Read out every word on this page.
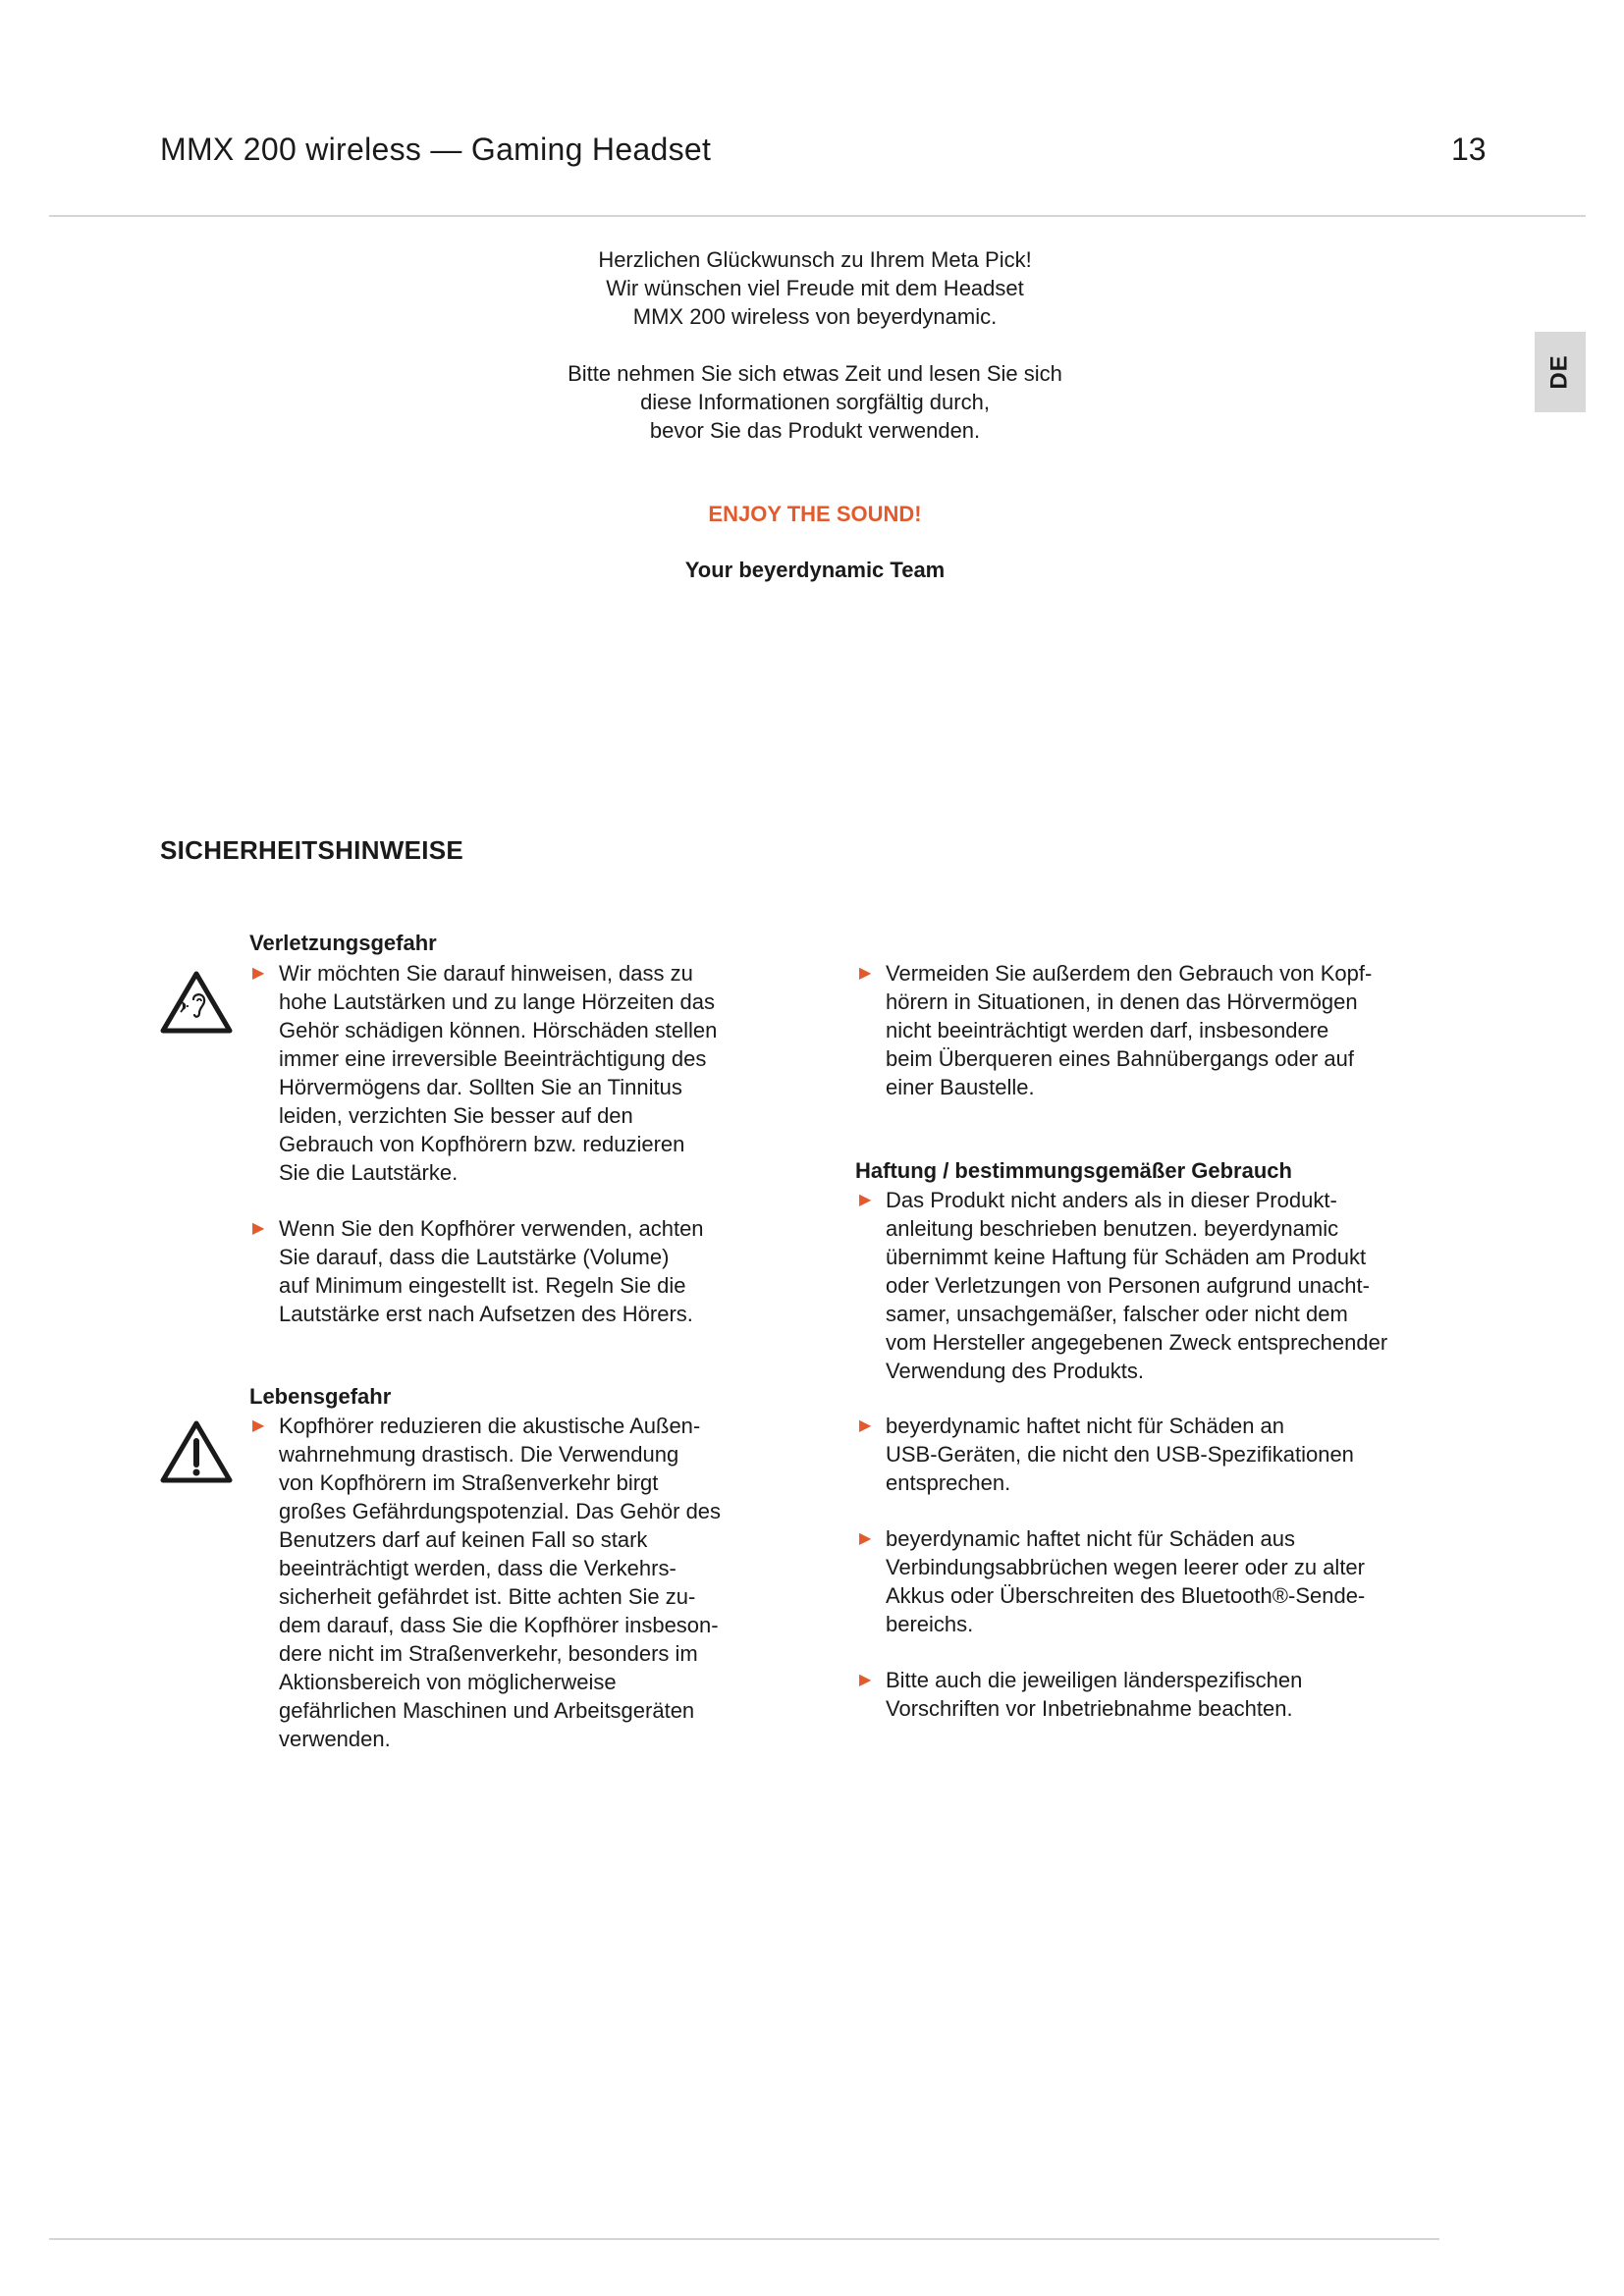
MMX 200 wireless — Gaming Headset	13
DE
Herzlichen Glückwunsch zu Ihrem Meta Pick!
Wir wünschen viel Freude mit dem Headset
MMX 200 wireless von beyerdynamic.
Bitte nehmen Sie sich etwas Zeit und lesen Sie sich
diese Informationen sorgfältig durch,
bevor Sie das Produkt verwenden.
ENJOY THE SOUND!
Your beyerdynamic Team
SICHERHEITSHINWEISE
Verletzungsgefahr
▶ Wir möchten Sie darauf hinweisen, dass zu
hohe Lautstärken und zu lange Hörzeiten das
Gehör schädigen können. Hörschäden stellen
immer eine irreversible Beeinträchtigung des
Hörvermögens dar. Sollten Sie an Tinnitus
leiden, verzichten Sie besser auf den
Gebrauch von Kopfhörern bzw. reduzieren
Sie die Lautstärke.
▶ Wenn Sie den Kopfhörer verwenden, achten
Sie darauf, dass die Lautstärke (Volume)
auf Minimum eingestellt ist. Regeln Sie die
Lautstärke erst nach Aufsetzen des Hörers.
Lebensgefahr
▶ Kopfhörer reduzieren die akustische Außen-
wahrnehmung drastisch. Die Verwendung
von Kopfhörern im Straßenverkehr birgt
großes Gefährdungspotenzial. Das Gehör des
Benutzers darf auf keinen Fall so stark
beeinträchtigt werden, dass die Verkehrs-
sicherheit gefährdet ist. Bitte achten Sie zu-
dem darauf, dass Sie die Kopfhörer insbeson-
dere nicht im Straßenverkehr, besonders im
Aktionsbereich von möglicherweise
gefährlichen Maschinen und Arbeitsgeräten
verwenden.
▶ Vermeiden Sie außerdem den Gebrauch von Kopf-
hörern in Situationen, in denen das Hörvermögen
nicht beeinträchtigt werden darf, insbesondere
beim Überqueren eines Bahnübergangs oder auf
einer Baustelle.
Haftung / bestimmungsgemäßer Gebrauch
▶ Das Produkt nicht anders als in dieser Produkt-
anleitung beschrieben benutzen. beyerdynamic
übernimmt keine Haftung für Schäden am Produkt
oder Verletzungen von Personen aufgrund unacht-
samer, unsachgemäßer, falscher oder nicht dem
vom Hersteller angegebenen Zweck entsprechender
Verwendung des Produkts.
▶ beyerdynamic haftet nicht für Schäden an
USB-Geräten, die nicht den USB-Spezifikationen
entsprechen.
▶ beyerdynamic haftet nicht für Schäden aus
Verbindungsabbrüchen wegen leerer oder zu alter
Akkus oder Überschreiten des Bluetooth®-Sende-
bereichs.
▶ Bitte auch die jeweiligen länderspezifischen
Vorschriften vor Inbetriebnahme beachten.
